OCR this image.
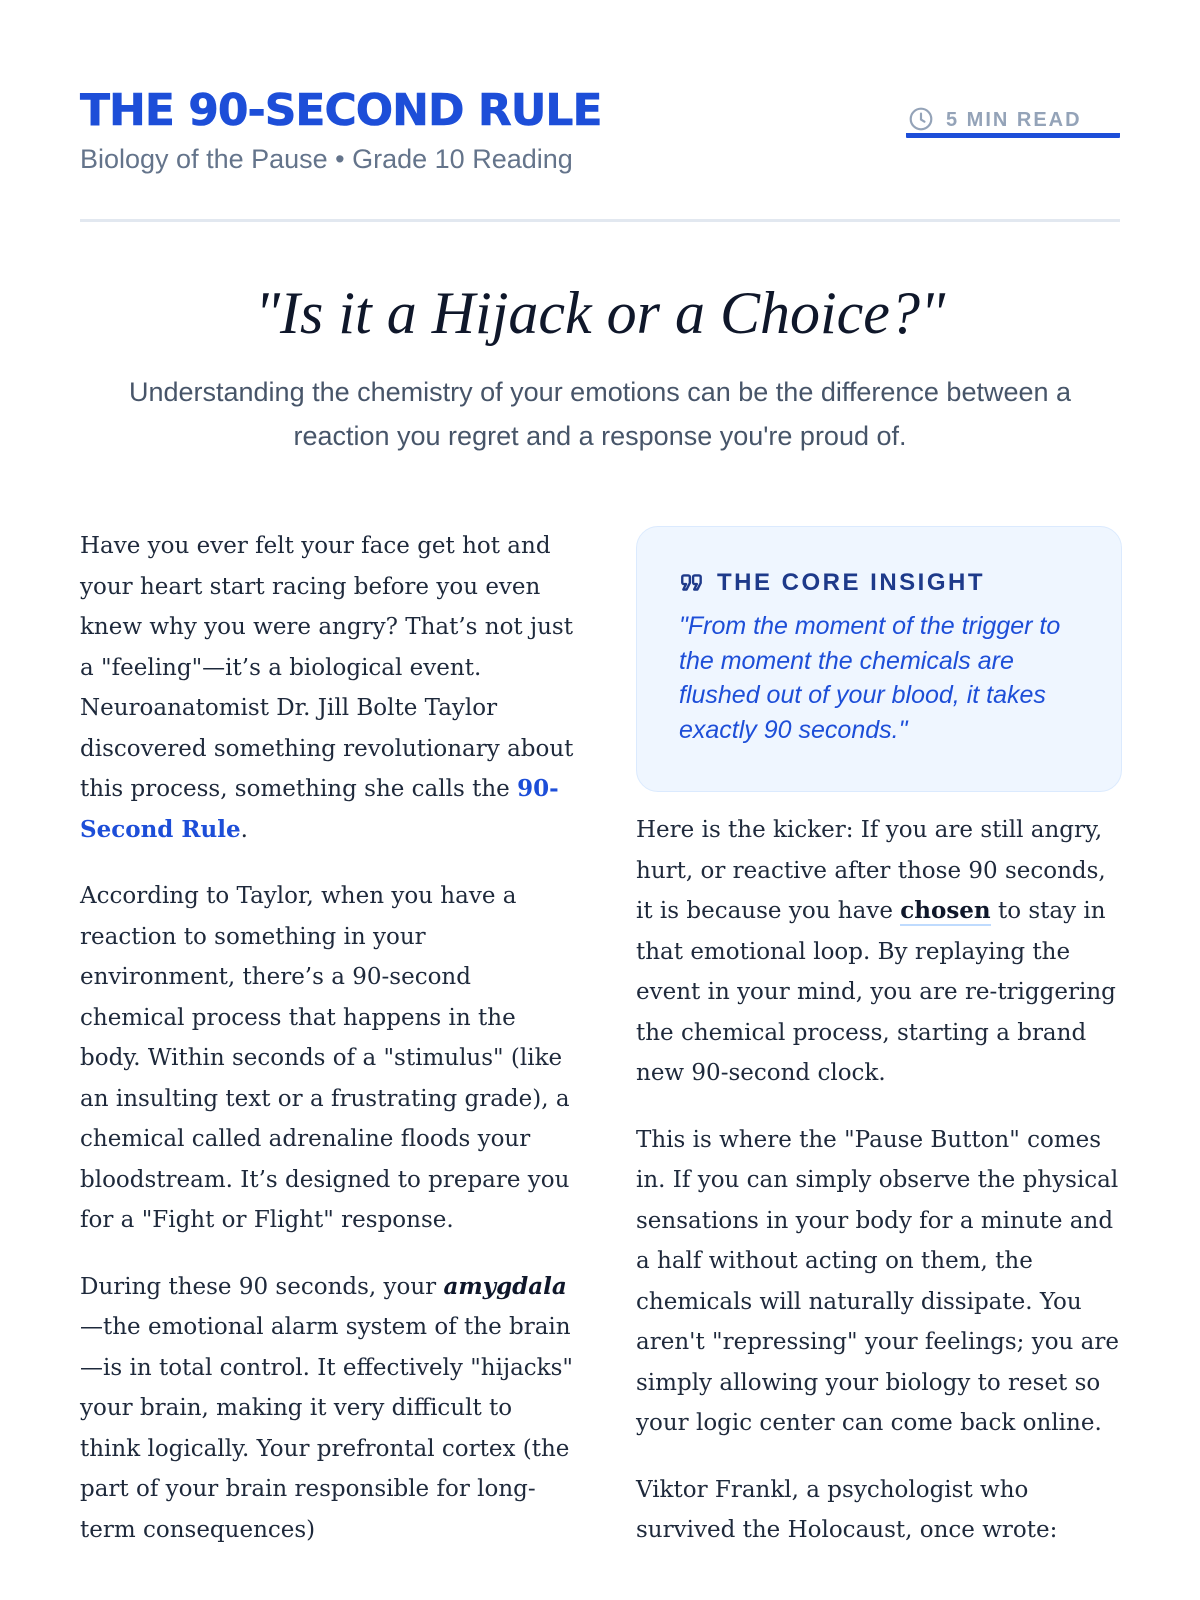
THE 90-SECOND RULE
Biology of the Pause • Grade 10 Reading
5 MIN READ
"Is it a Hijack or a Choice?"

Understanding the chemistry of your emotions can be the difference between a reaction you regret and a response you're proud of.

Have you ever felt your face get hot and your heart start racing before you even knew why you were angry? That’s not just a "feeling"—it’s a biological event. Neuroanatomist Dr. Jill Bolte Taylor discovered something revolutionary about this process, something she calls the 90-Second Rule.

According to Taylor, when you have a reaction to something in your environment, there’s a 90-second chemical process that happens in the body. Within seconds of a "stimulus" (like an insulting text or a frustrating grade), a chemical called adrenaline floods your bloodstream. It’s designed to prepare you for a "Fight or Flight" response.

During these 90 seconds, your amygdala—the emotional alarm system of the brain—is in total control. It effectively "hijacks" your brain, making it very difficult to think logically. Your prefrontal cortex (the part of your brain responsible for long-term consequences)

THE CORE INSIGHT

"From the moment of the trigger to the moment the chemicals are flushed out of your blood, it takes exactly 90 seconds."

Here is the kicker: If you are still angry, hurt, or reactive after those 90 seconds, it is because you have chosen to stay in that emotional loop. By replaying the event in your mind, you are re-triggering the chemical process, starting a brand new 90-second clock.

This is where the "Pause Button" comes in. If you can simply observe the physical sensations in your body for a minute and a half without acting on them, the chemicals will naturally dissipate. You aren't "repressing" your feelings; you are simply allowing your biology to reset so your logic center can come back online.

Viktor Frankl, a psychologist who survived the Holocaust, once wrote:
